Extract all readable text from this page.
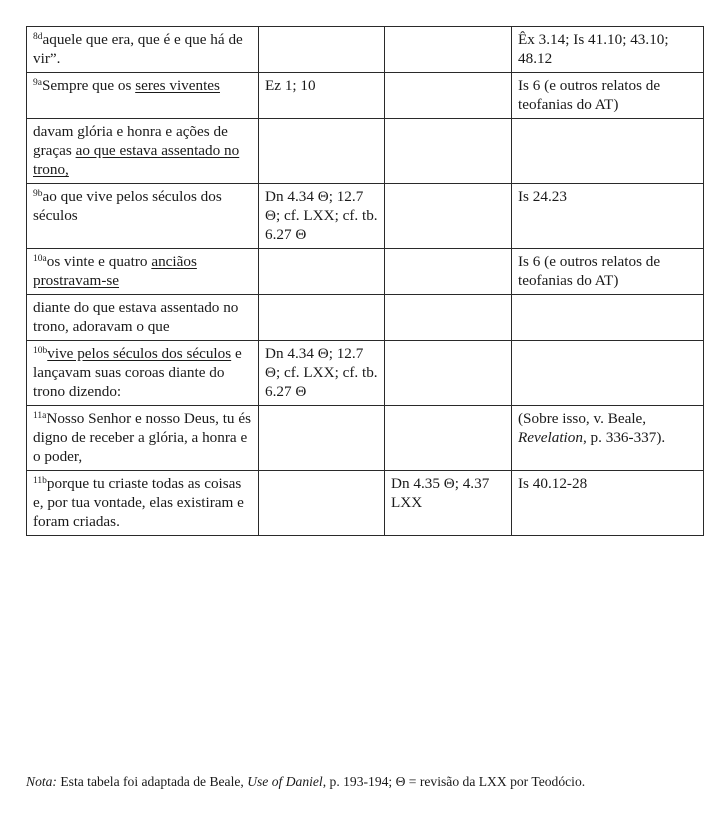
$^{8d}$aquele que era, que é e que há de vir”.			Êx 3.14; Is 41.10; 43.10; 48.12
$^{9a}$Sempre que os seres viventes	Ez 1; 10		Is 6 (e outros relatos de teofanias do AT)
davam glória e honra e ações de graças ao que estava assentado no trono,			
$^{9b}$ao que vive pelos séculos dos séculos	Dn 4.34 Θ; 12.7 Θ; cf. LXX; cf. tb. 6.27 Θ		Is 24.23
$^{10a}$os vinte e quatro anciãos prostravam-se			Is 6 (e outros relatos de teofanias do AT)
diante do que estava assentado no trono, adoravam o que			
$^{10b}$vive pelos séculos dos séculos e lançavam suas coroas diante do trono dizendo:	Dn 4.34 Θ; 12.7 Θ; cf. LXX; cf. tb. 6.27 Θ		
$^{11a}$Nosso Senhor e nosso Deus, tu és digno de receber a glória, a honra e o poder,			(Sobre isso, v. Beale, Revelation, p. 336-337).
$^{11b}$porque tu criaste todas as coisas e, por tua vontade, elas existiram e foram criadas.		Dn 4.35 Θ; 4.37 LXX	Is 40.12-28
Nota: Esta tabela foi adaptada de Beale, Use of Daniel, p. 193-194; Θ = revisão da LXX por Teodócio.
